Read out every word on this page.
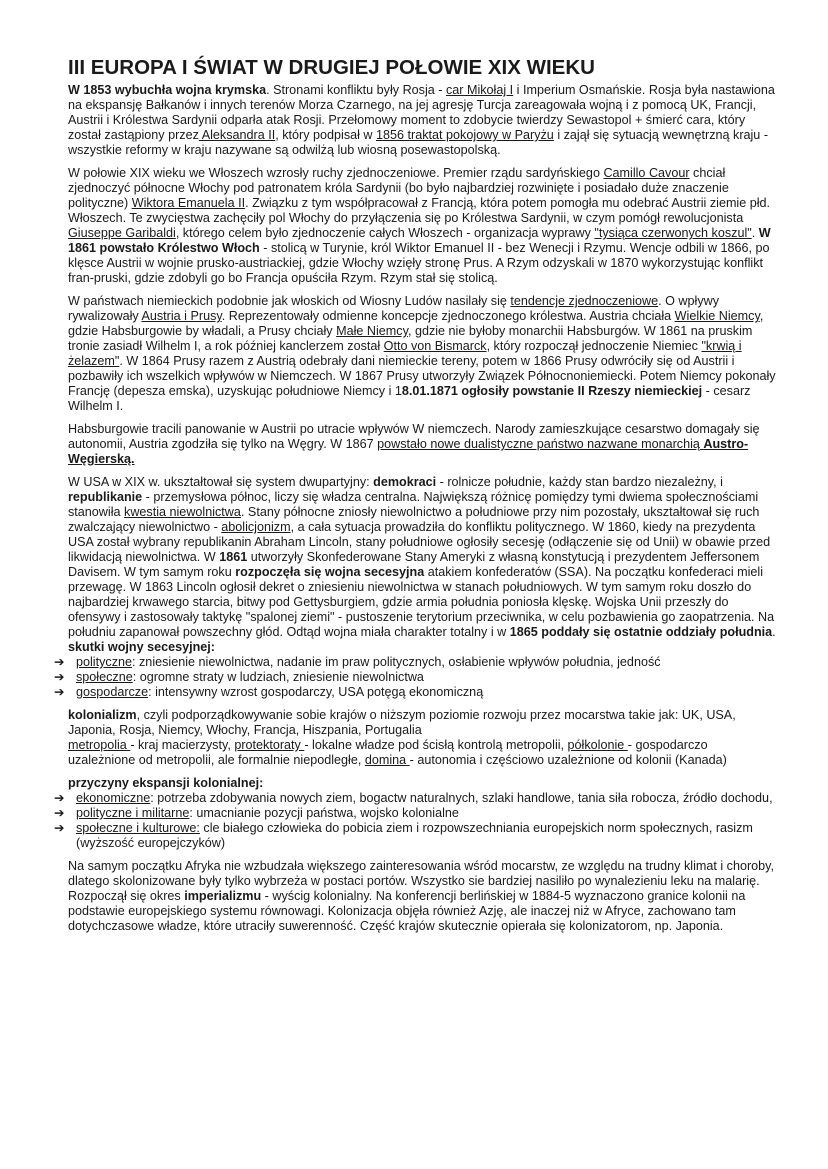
III EUROPA I ŚWIAT W DRUGIEJ POŁOWIE XIX WIEKU

W 1853 wybuchła wojna krymska. Stronami konfliktu były Rosja - car Mikołaj I i Imperium Osmańskie. Rosja była nastawiona na ekspansję Bałkanów i innych terenów Morza Czarnego, na jej agresję Turcja zareagowała wojną i z pomocą UK, Francji, Austrii i Królestwa Sardynii odparła atak Rosji. Przełomowy moment to zdobycie twierdzy Sewastopol + śmierć cara, który został zastąpiony przez Aleksandra II, który podpisał w 1856 traktat pokojowy w Paryżu i zajął się sytuacją wewnętrzną kraju - wszystkie reformy w kraju nazywane są odwilżą lub wiosną posewastopolską.

W połowie XIX wieku we Włoszech wzrosły ruchy zjednoczeniowe. Premier rządu sardyńskiego Camillo Cavour chciał zjednoczyć północne Włochy pod patronatem króla Sardynii (bo było najbardziej rozwinięte i posiadało duże znaczenie polityczne) Wiktora Emanuela II. Związku z tym współpracował z Francją, która potem pomogła mu odebrać Austrii ziemie płd. Włoszech. Te zwycięstwa zachęciły pol Włochy do przyłączenia się po Królestwa Sardynii, w czym pomógł rewolucjonista Giuseppe Garibaldi, którego celem było zjednoczenie całych Włoszech - organizacja wyprawy "tysiąca czerwonych koszul". W 1861 powstało Królestwo Włoch - stolicą w Turynie, król Wiktor Emanuel II - bez Wenecji i Rzymu. Wencje odbili w 1866, po klęsce Austrii w wojnie prusko-austriackiej, gdzie Włochy wzięły stronę Prus. A Rzym odzyskali w 1870 wykorzystując konflikt fran-pruski, gdzie zdobyli go bo Francja opuściła Rzym. Rzym stał się stolicą.

W państwach niemieckich podobnie jak włoskich od Wiosny Ludów nasilały się tendencje zjednoczeniowe. O wpływy rywalizowały Austria i Prusy. Reprezentowały odmienne koncepcje zjednoczonego królestwa. Austria chciała Wielkie Niemcy, gdzie Habsburgowie by władali, a Prusy chciały Małe Niemcy, gdzie nie byłoby monarchii Habsburgów. W 1861 na pruskim tronie zasiadł Wilhelm I, a rok później kanclerzem został Otto von Bismarck, który rozpoczął jednoczenie Niemiec "krwią i żelazem". W 1864 Prusy razem z Austrią odebrały dani niemieckie tereny, potem w 1866 Prusy odwróciły się od Austrii i pozbawiły ich wszelkich wpływów w Niemczech. W 1867 Prusy utworzyły Związek Północnoniemiecki. Potem Niemcy pokonały Francję (depesza emska), uzyskując południowe Niemcy i 18.01.1871 ogłosiły powstanie II Rzeszy niemieckiej - cesarz Wilhelm I.

Habsburgowie tracili panowanie w Austrii po utracie wpływów W niemczech. Narody zamieszkujące cesarstwo domagały się autonomii, Austria zgodziła się tylko na Węgry. W 1867 powstało nowe dualistyczne państwo nazwane monarchią Austro-Węgierską.

W USA w XIX w. ukształtował się system dwupartyjny: demokraci - rolnicze południe, każdy stan bardzo niezależny, i republikanie - przemysłowa północ, liczy się władza centralna. Największą różnicę pomiędzy tymi dwiema społecznościami stanowiła kwestia niewolnictwa. Stany północne zniosły niewolnictwo a południowe przy nim pozostały, ukształtował się ruch zwalczający niewolnictwo - abolicjonizm, a cała sytuacja prowadziła do konfliktu politycznego. W 1860, kiedy na prezydenta USA został wybrany republikanin Abraham Lincoln, stany południowe ogłosiły secesję (odłączenie się od Unii) w obawie przed likwidacją niewolnictwa. W 1861 utworzyły Skonfederowane Stany Ameryki z własną konstytucją i prezydentem Jeffersonem Davisem. W tym samym roku rozpoczęła się wojna secesyjna atakiem konfederatów (SSA). Na początku konfederaci mieli przewagę. W 1863 Lincoln ogłosił dekret o zniesieniu niewolnictwa w stanach południowych. W tym samym roku doszło do najbardziej krwawego starcia, bitwy pod Gettysburgiem, gdzie armia południa poniosła klęskę. Wojska Unii przeszły do ofensywy i zastosowały taktykę "spalonej ziemi" - pustoszenie terytorium przeciwnika, w celu pozbawienia go zaopatrzenia. Na południu zapanował powszechny głód. Odtąd wojna miała charakter totalny i w 1865 poddały się ostatnie oddziały południa.

skutki wojny secesyjnej:
➔ polityczne: zniesienie niewolnictwa, nadanie im praw politycznych, osłabienie wpływów południa, jedność
➔ społeczne: ogromne straty w ludziach, zniesienie niewolnictwa
➔ gospodarcze: intensywny wzrost gospodarczy, USA potęgą ekonomiczną

kolonializm, czyli podporządkowywanie sobie krajów o niższym poziomie rozwoju przez mocarstwa takie jak: UK, USA, Japonia, Rosja, Niemcy, Włochy, Francja, Hiszpania, Portugalia
metropolia - kraj macierzysty, protektoraty - lokalne władze pod ścisłą kontrolą metropolii, półkolonie - gospodarczo uzależnione od metropolii, ale formalnie niepodległe, domina - autonomia i częściowo uzależnione od kolonii (Kanada)

przyczyny ekspansji kolonialnej:
➔ ekonomiczne: potrzeba zdobywania nowych ziem, bogactw naturalnych, szlaki handlowe, tania siła robocza, źródło dochodu,
➔ polityczne i militarne: umacnianie pozycji państwa, wojsko kolonialne
➔ społeczne i kulturowe: cle białego człowieka do pobicia ziem i rozpowszechniania europejskich norm społecznych, rasizm (wyższość europejczyków)

Na samym początku Afryka nie wzbudzała większego zainteresowania wśród mocarstw, ze względu na trudny klimat i choroby, dlatego skolonizowane były tylko wybrzeża w postaci portów. Wszystko sie bardziej nasiliło po wynalezieniu leku na malarię. Rozpoczął się okres imperializmu - wyścig kolonialny. Na konferencji berlińskiej w 1884-5 wyznaczono granice kolonii na podstawie europejskiego systemu równowagi. Kolonizacja objęła również Azję, ale inaczej niż w Afryce, zachowano tam dotychczasowe władze, które utraciły suwerenność. Część krajów skutecznie opierała się kolonizatorom, np. Japonia.
